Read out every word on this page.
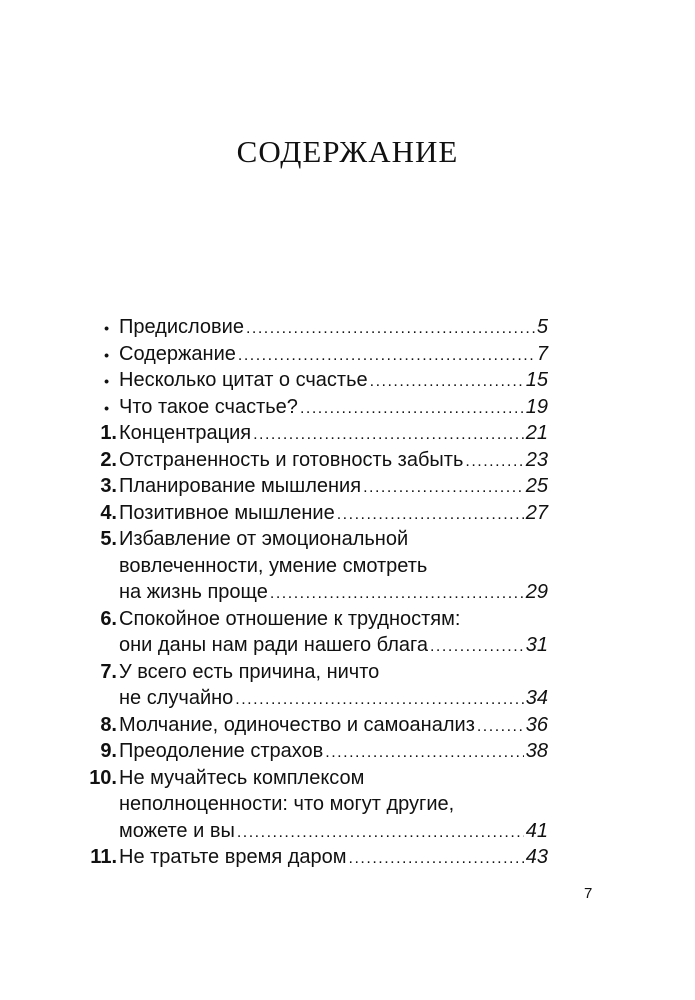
СОДЕРЖАНИЕ
• Предисловие .....	5
• Содержание .....	7
• Несколько цитат о счастье .....	15
• Что такое счастье? .....	19
1. Концентрация .....	21
2. Отстраненность и готовность забыть .....	23
3. Планирование мышления .....	25
4. Позитивное мышление .....	27
5. Избавление от эмоциональной
вовлеченности, умение смотреть
на жизнь проще .....	29
6. Спокойное отношение к трудностям:
они даны нам ради нашего блага .....	31
7. У всего есть причина, ничто
не случайно .....	34
8. Молчание, одиночество и самоанализ .....	36
9. Преодоление страхов .....	38
10. Не мучайтесь комплексом
неполноценности: что могут другие,
можете и вы .....	41
11. Не тратьте время даром .....	43
7
